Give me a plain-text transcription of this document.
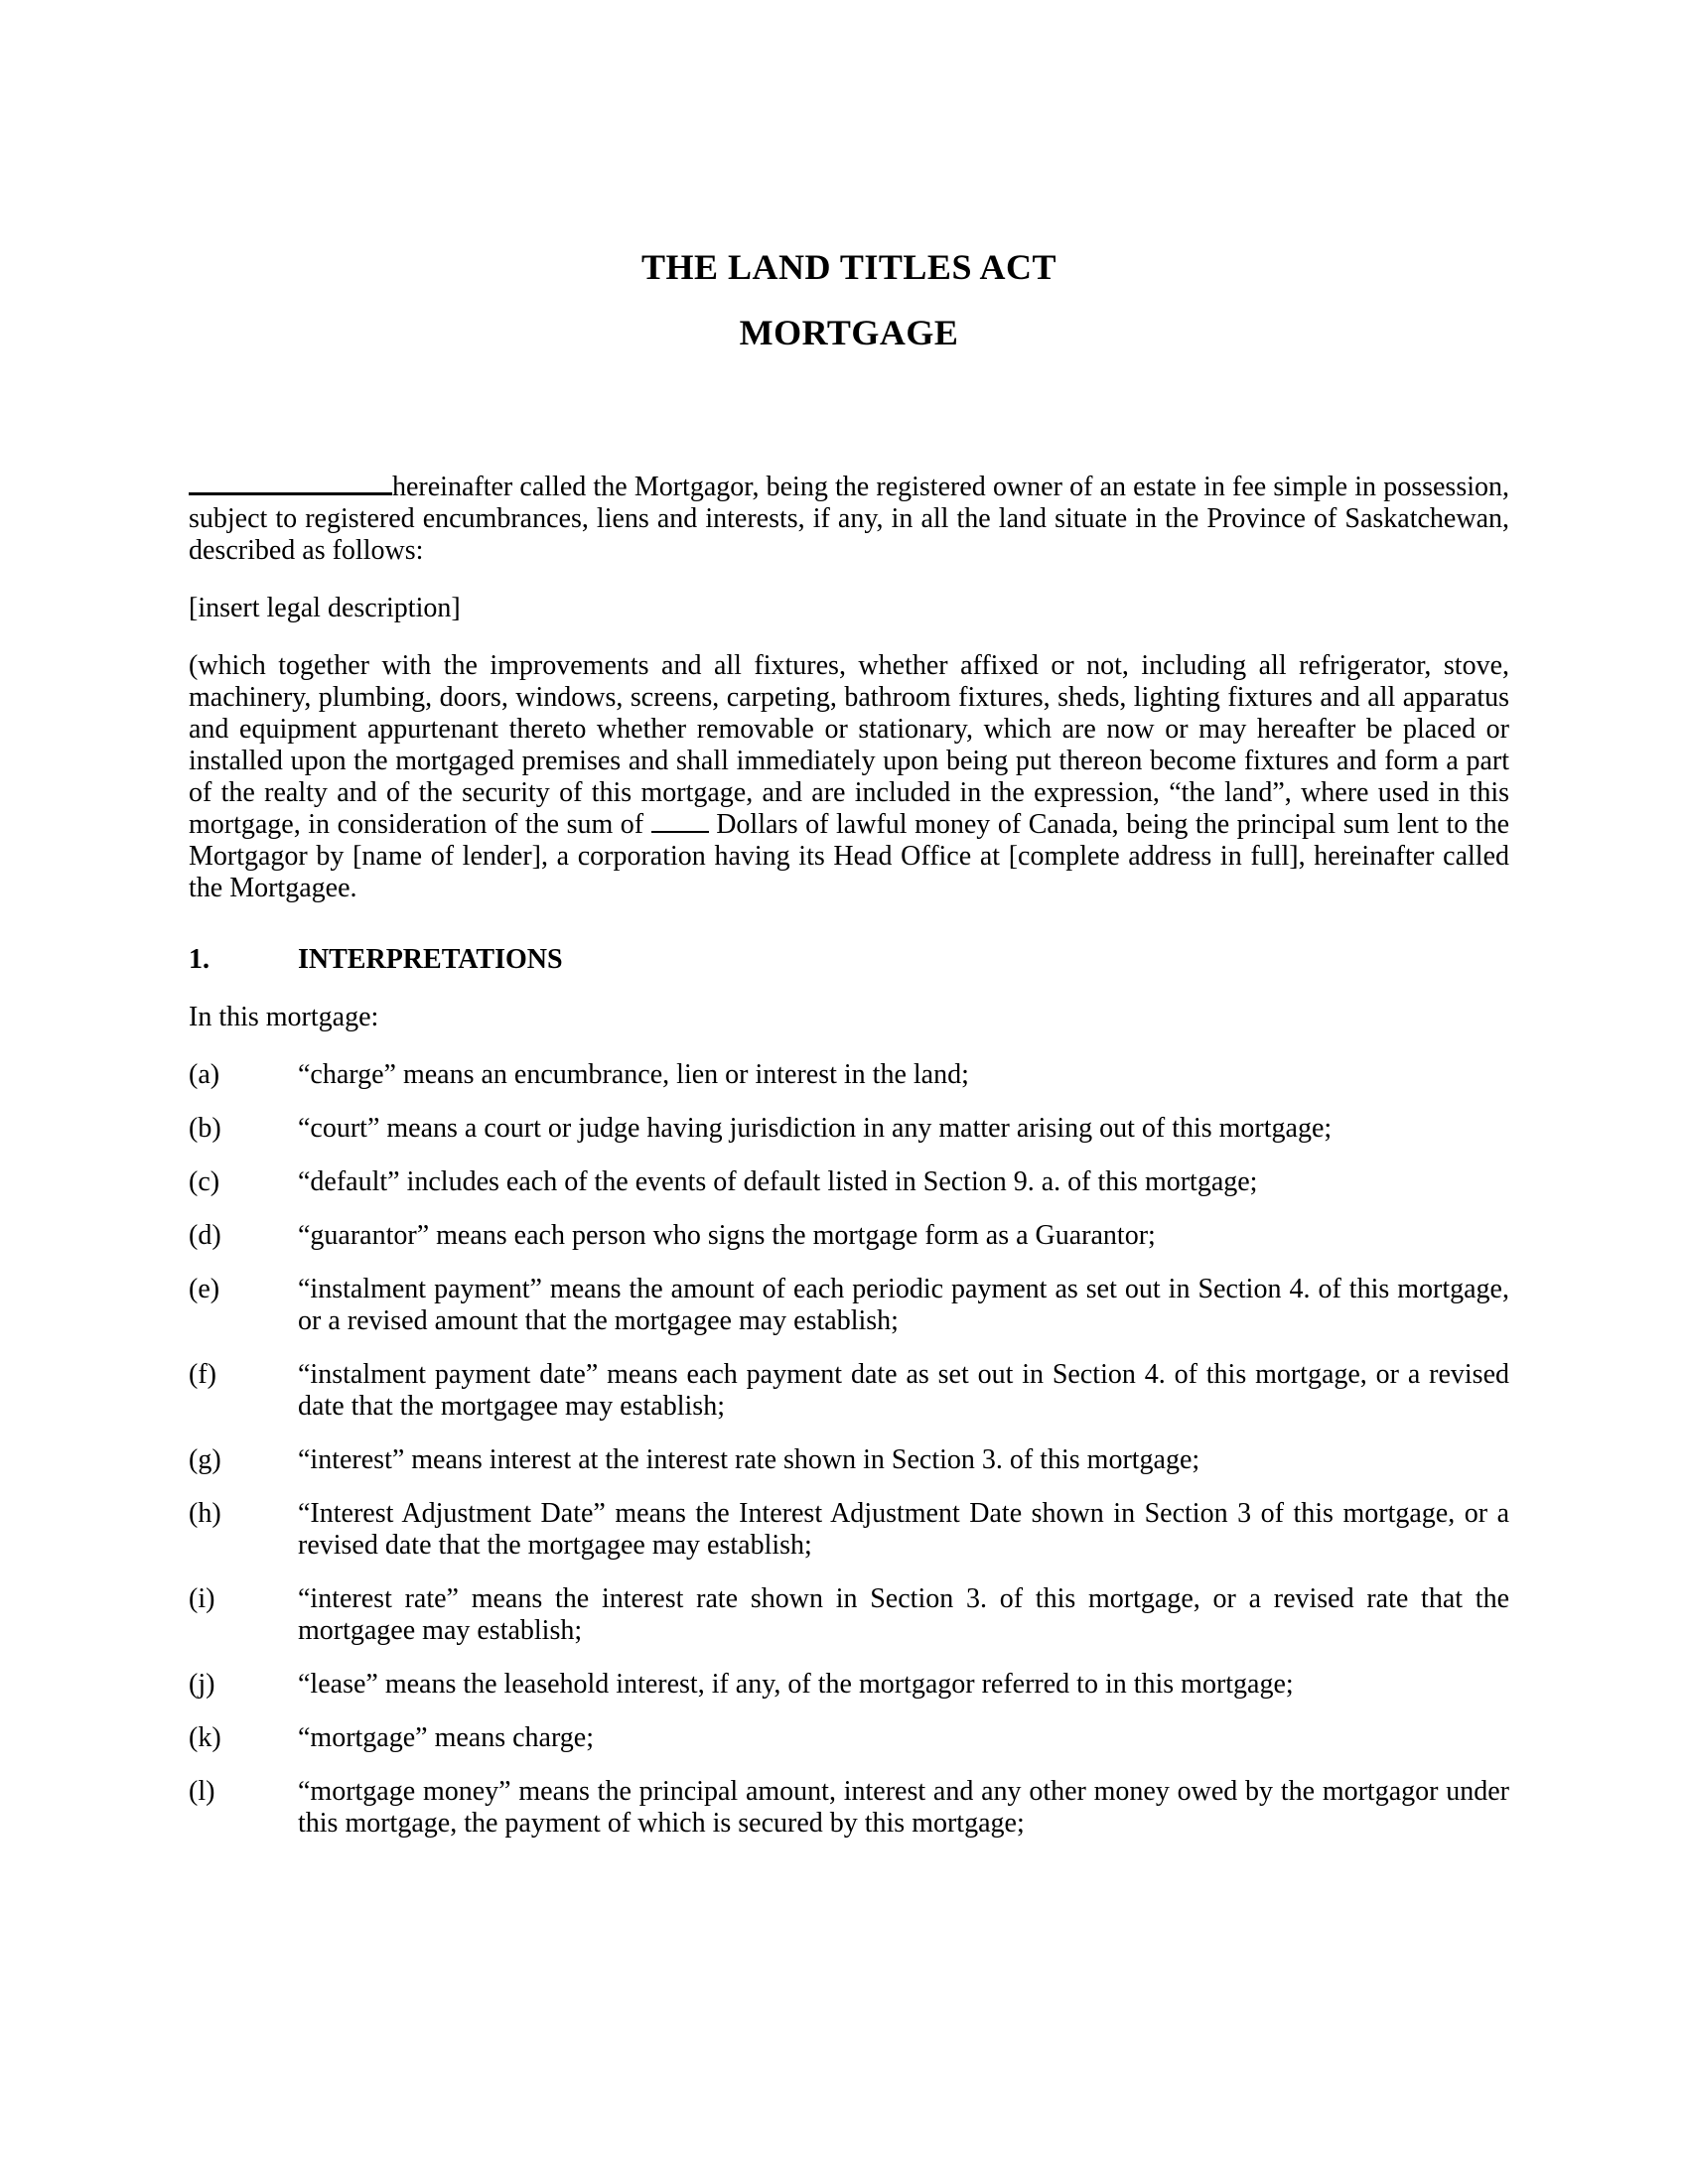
THE LAND TITLES ACT
MORTGAGE

hereinafter called the Mortgagor, being the registered owner of an estate in fee simple in possession, subject to registered encumbrances, liens and interests, if any, in all the land situate in the Province of Saskatchewan, described as follows:

[insert legal description]

(which together with the improvements and all fixtures, whether affixed or not, including all refrigerator, stove, machinery, plumbing, doors, windows, screens, carpeting, bathroom fixtures, sheds, lighting fixtures and all apparatus and equipment appurtenant thereto whether removable or stationary, which are now or may hereafter be placed or installed upon the mortgaged premises and shall immediately upon being put thereon become fixtures and form a part of the realty and of the security of this mortgage, and are included in the expression, “the land”, where used in this mortgage, in consideration of the sum of  Dollars of lawful money of Canada, being the principal sum lent to the Mortgagor by [name of lender], a corporation having its Head Office at [complete address in full], hereinafter called the Mortgagee.

1.	INTERPRETATIONS

In this mortgage:

(a)	“charge” means an encumbrance, lien or interest in the land;
(b)	“court” means a court or judge having jurisdiction in any matter arising out of this mortgage;
(c)	“default” includes each of the events of default listed in Section 9. a. of this mortgage;
(d)	“guarantor” means each person who signs the mortgage form as a Guarantor;
(e)	“instalment payment” means the amount of each periodic payment as set out in Section 4. of this mortgage, or a revised amount that the mortgagee may establish;
(f)	“instalment payment date” means each payment date as set out in Section 4. of this mortgage, or a revised date that the mortgagee may establish;
(g)	“interest” means interest at the interest rate shown in Section 3. of this mortgage;
(h)	“Interest Adjustment Date” means the Interest Adjustment Date shown in Section 3 of this mortgage, or a revised date that the mortgagee may establish;
(i)	“interest rate” means the interest rate shown in Section 3. of this mortgage, or a revised rate that the mortgagee may establish;
(j)	“lease” means the leasehold interest, if any, of the mortgagor referred to in this mortgage;
(k)	“mortgage” means charge;
(l)	“mortgage money” means the principal amount, interest and any other money owed by the mortgagor under this mortgage, the payment of which is secured by this mortgage;
